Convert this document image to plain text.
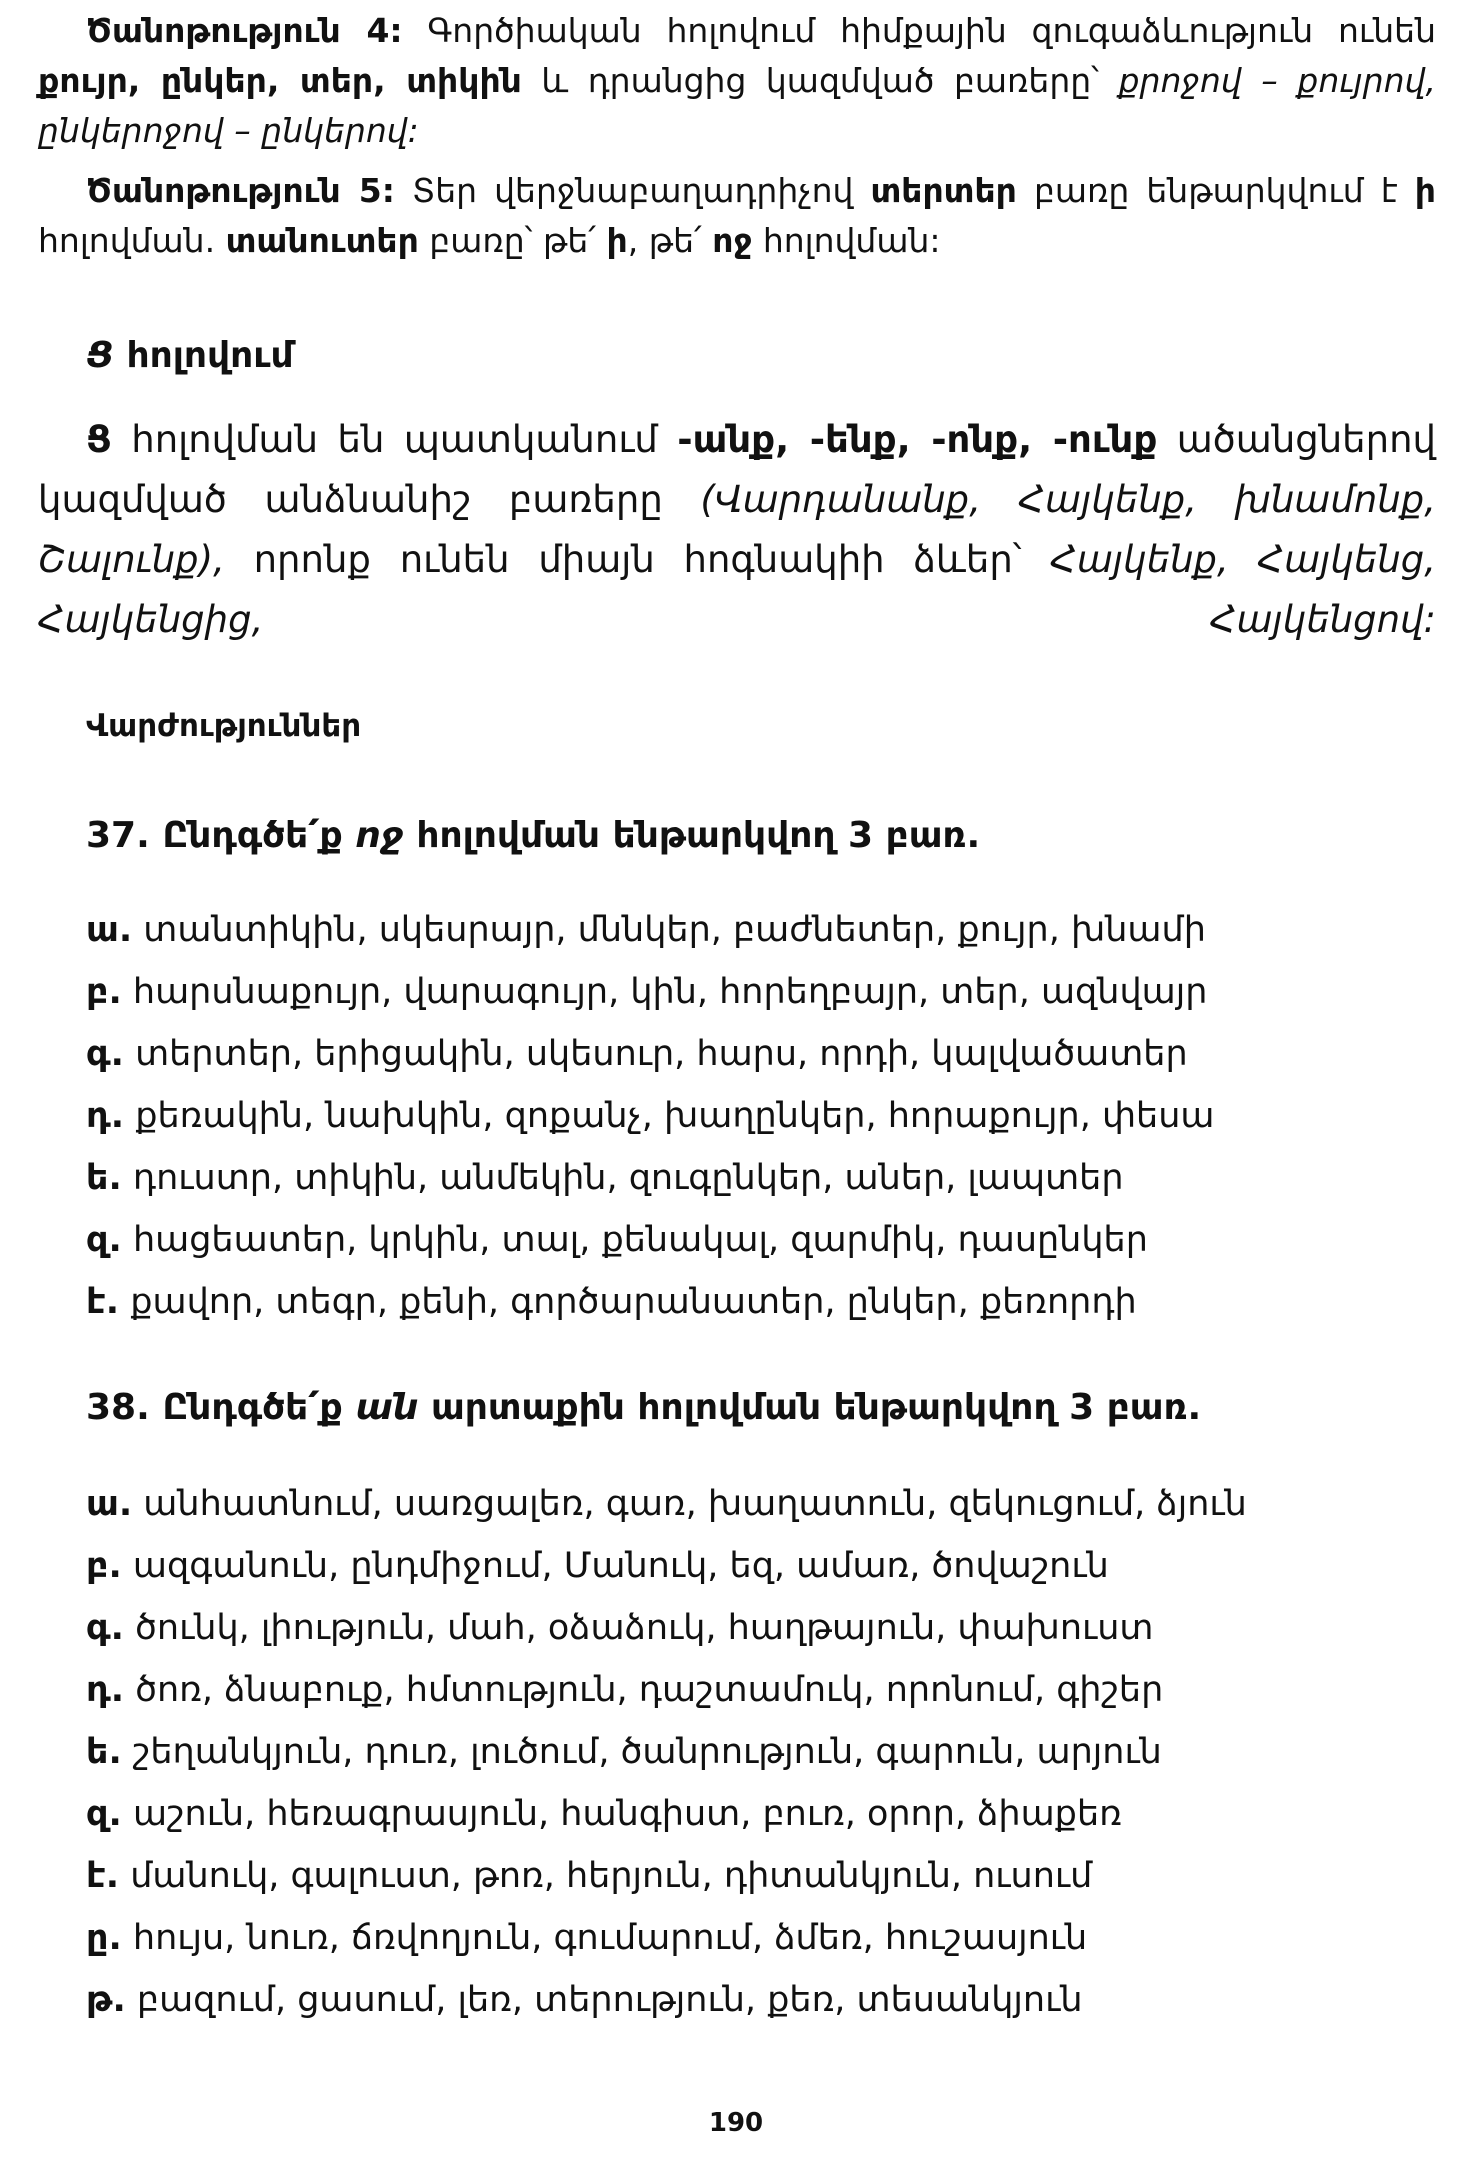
Ծանոթություն 4: Գործիական հոլովում հիմքային զուգաձևություն ունեն քույր, ընկեր, տեր, տիկին և դրանցից կազմված բառերը՝ քրոջով – քույրով, ընկերոջով – ընկերով:
Ծանոթություն 5: Տեր վերջնաբաղադրիչով տերտեր բառը ենթարկվում է ի հոլովման. տանուտեր բառը՝ թե՛ ի, թե՛ ոջ հոլովման:
Ց հոլովում
Ց հոլովման են պատկանում -անք, -ենք, -ոնք, -ունք ածանցներով կազմված անձնանիշ բառերը (Վարդանանք, Հայկենք, խնամոնք, Շալունք), որոնք ունեն միայն հոգնակիի ձևեր՝ Հայկենք, Հայկենց, Հայկենցից, Հայկենցով:
Վարժություններ
37. Ընդգծե՛ք ոջ հոլովման ենթարկվող 3 բառ.
ա. տանտիկին, սկեսրայր, մննկեր, բաժնետեր, քույր, խնամի
բ. հարսնաքույր, վարագույր, կին, հորեղբայր, տեր, ազնվայր
գ. տերտեր, երիցակին, սկեսուր, հարս, որդի, կալվածատեր
դ. քեռակին, նախկին, զոքանչ, խաղընկեր, հորաքույր, փեսա
ե. դուստր, տիկին, անմեկին, զուգընկեր, աներ, լապտեր
զ. հացեատեր, կրկին, տալ, քենակալ, զարմիկ, դասընկեր
է. քավոր, տեգր, քենի, գործարանատեր, ընկեր, քեռորդի
38. Ընդգծե՛ք ան արտաքին հոլովման ենթարկվող 3 բառ.
ա. անհատնում, սառցալեռ, գառ, խաղատուն, զեկուցում, ձյուն
բ. ազգանուն, ընդմիջում, Մանուկ, եզ, ամառ, ծովաշուն
գ. ծունկ, լիություն, մահ, օձաձուկ, հաղթայուն, փախուստ
դ. ծոռ, ձնաբուք, հմտություն, դաշտամուկ, որոնում, գիշեր
ե. շեղանկյուն, դուռ, լուծում, ծանրություն, գարուն, արյուն
զ. աշուն, հեռագրասյուն, հանգիստ, բուռ, օրոր, ձիաքեռ
է. մանուկ, գալուստ, թոռ, հերյուն, դիտանկյուն, ուսում
ը. հույս, նուռ, ճռվողյուն, գումարում, ձմեռ, հուշասյուն
թ. բազում, ցասում, լեռ, տերություն, քեռ, տեսանկյուն
190
